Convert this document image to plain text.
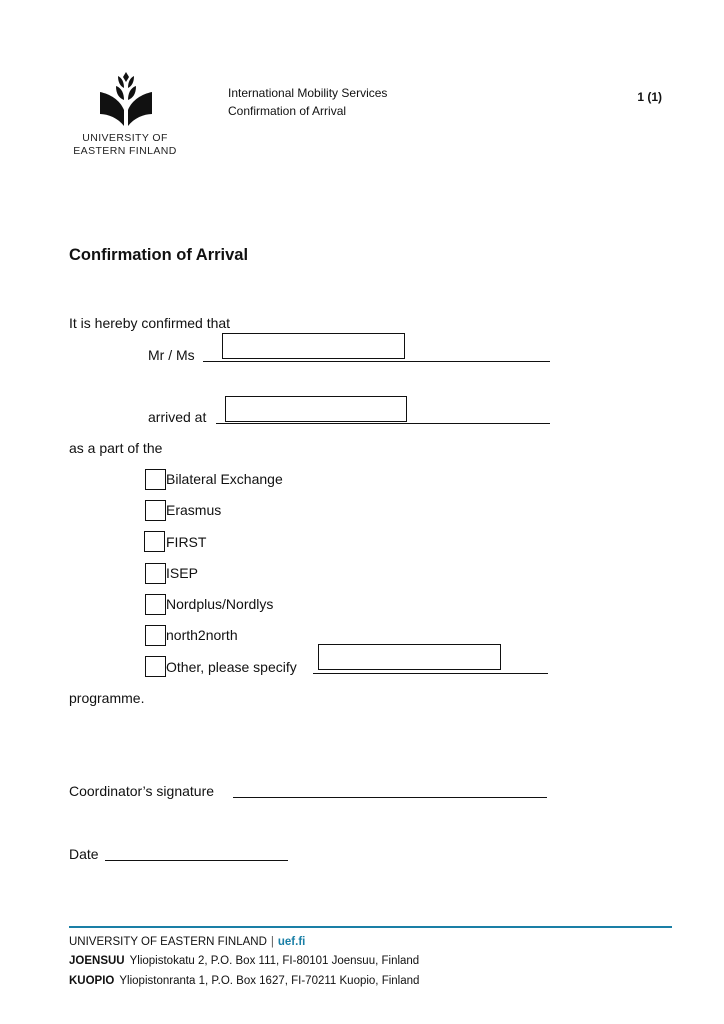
UNIVERSITY OF
EASTERN FINLAND
International Mobility Services
Confirmation of Arrival
1 (1)
Confirmation of Arrival
It is hereby confirmed that
Mr / Ms
arrived at
as a part of the
Bilateral Exchange
Erasmus
FIRST
ISEP
Nordplus/Nordlys
north2north
Other, please specify
programme.
Coordinator’s signature
Date
UNIVERSITY OF EASTERN FINLAND | uef.fi
JOENSUU Yliopistokatu 2, P.O. Box 111, FI-80101 Joensuu, Finland
KUOPIO Yliopistonranta 1, P.O. Box 1627, FI-70211 Kuopio, Finland
